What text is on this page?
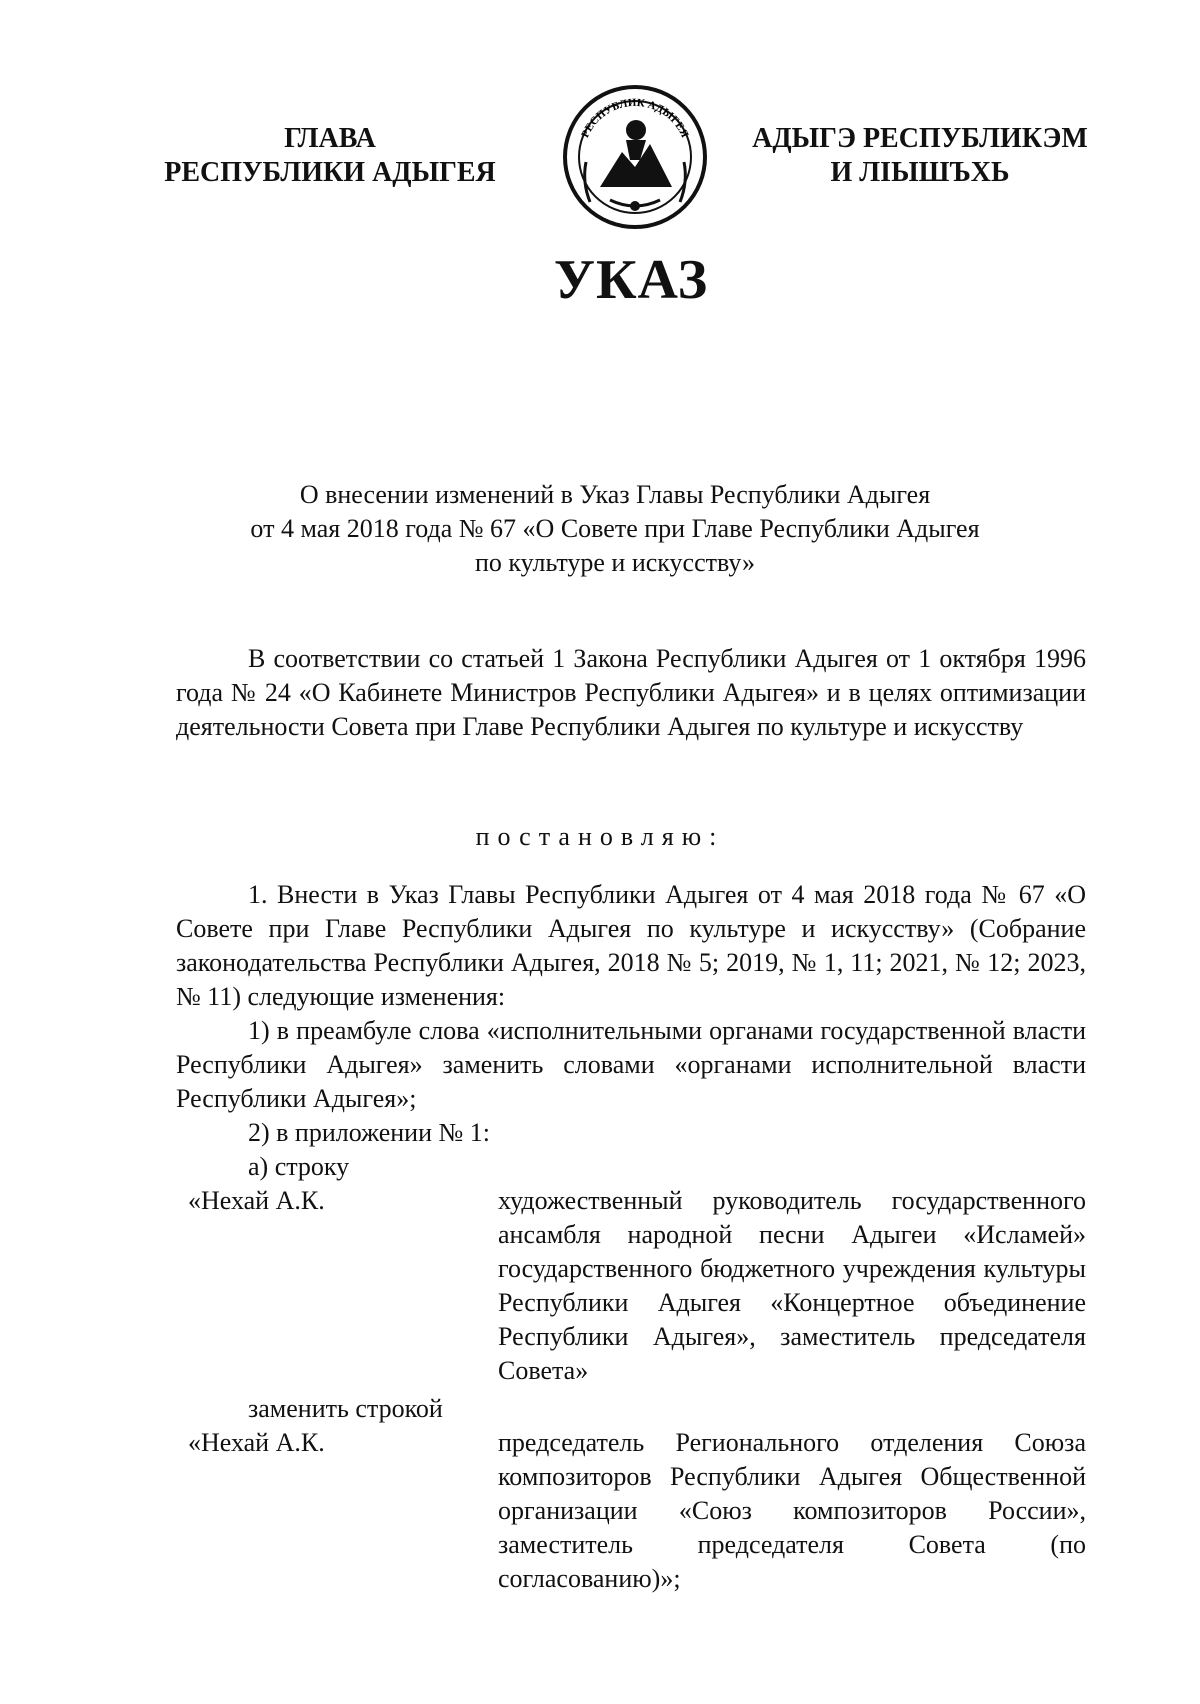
ГЛАВА
РЕСПУБЛИКИ АДЫГЕЯ
РЕСПУБЛИК АДЫГЕЯ	АДЫГЭ РЕСПУБЛИКЭМ
И ЛІЫШЪХЬ
УКАЗ
О внесении изменений в Указ Главы Республики Адыгея
от 4 мая 2018 года № 67 «О Совете при Главе Республики Адыгея
по культуре и искусству»
В соответствии со статьей 1 Закона Республики Адыгея от 1 октября 1996 года № 24 «О Кабинете Министров Республики Адыгея» и в целях оптимизации деятельности Совета при Главе Республики Адыгея по культуре и искусству
постановляю:
1. Внести в Указ Главы Республики Адыгея от 4 мая 2018 года № 67 «О Совете при Главе Республики Адыгея по культуре и искусству» (Собрание законодательства Республики Адыгея, 2018 № 5; 2019, № 1, 11; 2021, № 12; 2023, № 11) следующие изменения:
1) в преамбуле слова «исполнительными органами государственной власти Республики Адыгея» заменить словами «органами исполнительной власти Республики Адыгея»;
2) в приложении № 1:
а) строку
«Нехай А.К.	художественный руководитель государственного ансамбля народной песни Адыгеи «Исламей» государственного бюджетного учреждения культуры Республики Адыгея «Концертное объединение Республики Адыгея», заместитель председателя Совета»
заменить строкой
«Нехай А.К.	председатель Регионального отделения Союза композиторов Республики Адыгея Общественной организации «Союз композиторов России», заместитель председателя Совета (по согласованию)»;
